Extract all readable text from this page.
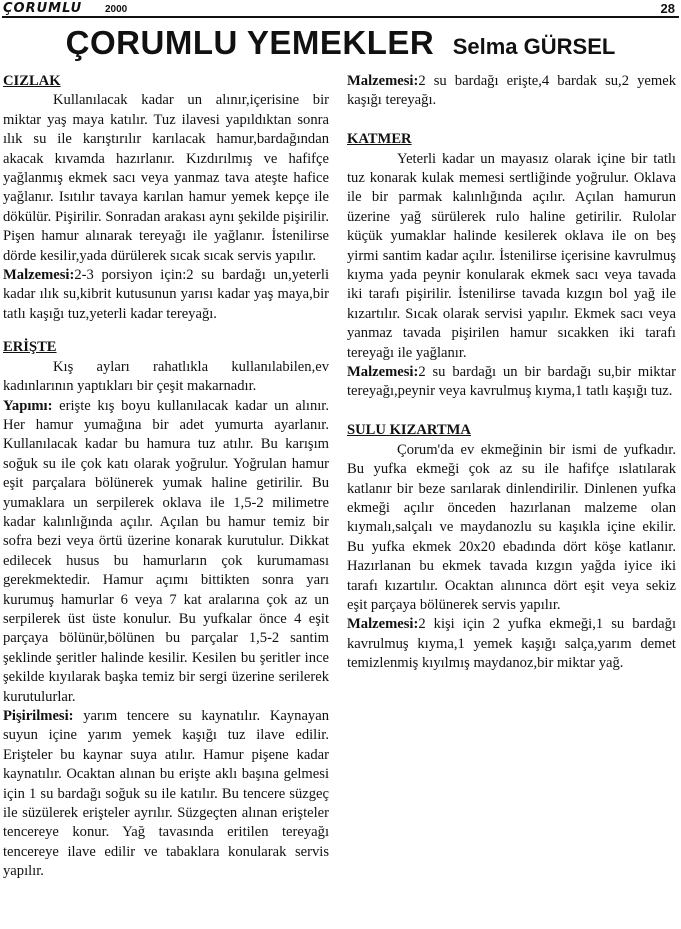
ÇORUMLU 2000	28
ÇORUMLU YEMEKLER Selma GÜRSEL

CIZLAK

Kullanılacak kadar un alınır,içerisine bir miktar yaş maya katılır. Tuz ilavesi yapıldıktan sonra ılık su ile karıştırılır karılacak hamur,bardağından akacak kıvamda hazırlanır. Kızdırılmış ve hafifçe yağlanmış ekmek sacı veya yanmaz tava ateşte hafice yağlanır. Isıtılır tavaya karılan hamur yemek kepçe ile dökülür. Pişirilir. Sonradan arakası aynı şekilde pişirilir. Pişen hamur alınarak tereyağı ile yağlanır. İstenilirse dörde kesilir,yada dürülerek sıcak sıcak servis yapılır.

Malzemesi:2-3 porsiyon için:2 su bardağı un,yeterli kadar ılık su,kibrit kutusunun yarısı kadar yaş maya,bir tatlı kaşığı tuz,yeterli kadar tereyağı.

ERİŞTE

Kış ayları rahatlıkla kullanılabilen,ev kadınlarının yaptıkları bir çeşit makarnadır.

Yapımı: erişte kış boyu kullanılacak kadar un alınır. Her hamur yumağına bir adet yumurta ayarlanır. Kullanılacak kadar bu hamura tuz atılır. Bu karışım soğuk su ile çok katı olarak yoğrulur. Yoğrulan hamur eşit parçalara bölünerek yumak haline getirilir. Bu yumaklara un serpilerek oklava ile 1,5-2 milimetre kadar kalınlığında açılır. Açılan bu hamur temiz bir sofra bezi veya örtü üzerine konarak kurutulur. Dikkat edilecek husus bu hamurların çok kurumaması gerekmektedir. Hamur açımı bittikten sonra yarı kurumuş hamurlar 6 veya 7 kat aralarına çok az un serpilerek üst üste konulur. Bu yufkalar önce 4 eşit parçaya bölünür,bölünen bu parçalar 1,5-2 santim şeklinde şeritler halinde kesilir. Kesilen bu şeritler ince şekilde kıyılarak başka temiz bir sergi üzerine serilerek kurutulurlar.

Pişirilmesi: yarım tencere su kaynatılır. Kaynayan suyun içine yarım yemek kaşığı tuz ilave edilir. Erişteler bu kaynar suya atılır. Hamur pişene kadar kaynatılır. Ocaktan alınan bu erişte aklı başına gelmesi için 1 su bardağı soğuk su ile katılır. Bu tencere süzgeç ile süzülerek erişteler ayrılır. Süzgeçten alınan erişteler tencereye konur. Yağ tavasında eritilen tereyağı tencereye ilave edilir ve tabaklara konularak servis yapılır.

Malzemesi:2 su bardağı erişte,4 bardak su,2 yemek kaşığı tereyağı.

KATMER

Yeterli kadar un mayasız olarak içine bir tatlı tuz konarak kulak memesi sertliğinde yoğrulur. Oklava ile bir parmak kalınlığında açılır. Açılan hamurun üzerine yağ sürülerek rulo haline getirilir. Rulolar küçük yumaklar halinde kesilerek oklava ile on beş yirmi santim kadar açılır. İstenilirse içerisine kavrulmuş kıyma yada peynir konularak ekmek sacı veya tavada iki tarafı pişirilir. İstenilirse tavada kızgın bol yağ ile kızartılır. Sıcak olarak servisi yapılır. Ekmek sacı veya yanmaz tavada pişirilen hamur sıcakken iki tarafı tereyağı ile yağlanır.

Malzemesi:2 su bardağı un bir bardağı su,bir miktar tereyağı,peynir veya kavrulmuş kıyma,1 tatlı kaşığı tuz.

SULU KIZARTMA

Çorum'da ev ekmeğinin bir ismi de yufkadır. Bu yufka ekmeği çok az su ile hafifçe ıslatılarak katlanır bir beze sarılarak dinlendirilir. Dinlenen yufka ekmeği açılır önceden hazırlanan malzeme olan kıymalı,salçalı ve maydanozlu su kaşıkla içine ekilir. Bu yufka ekmek 20x20 ebadında dört köşe katlanır. Hazırlanan bu ekmek tavada kızgın yağda iyice iki tarafı kızartılır. Ocaktan alınınca dört eşit veya sekiz eşit parçaya bölünerek servis yapılır.

Malzemesi:2 kişi için 2 yufka ekmeği,1 su bardağı kavrulmuş kıyma,1 yemek kaşığı salça,yarım demet temizlenmiş kıyılmış maydanoz,bir miktar yağ.
